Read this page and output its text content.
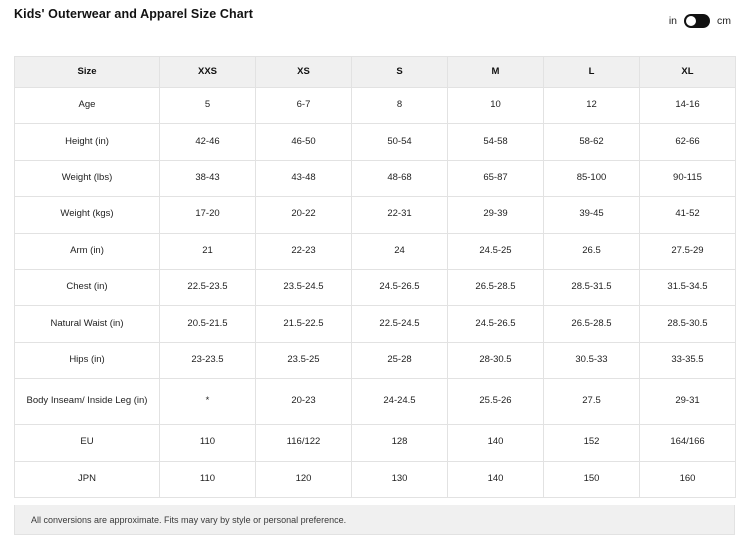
Kids' Outerwear and Apparel Size Chart	in	cm
Size	XXS	XS	S	M	L	XL
Age	5	6-7	8	10	12	14-16
Height (in)	42-46	46-50	50-54	54-58	58-62	62-66
Weight (lbs)	38-43	43-48	48-68	65-87	85-100	90-115
Weight (kgs)	17-20	20-22	22-31	29-39	39-45	41-52
Arm (in)	21	22-23	24	24.5-25	26.5	27.5-29
Chest (in)	22.5-23.5	23.5-24.5	24.5-26.5	26.5-28.5	28.5-31.5	31.5-34.5
Natural Waist (in)	20.5-21.5	21.5-22.5	22.5-24.5	24.5-26.5	26.5-28.5	28.5-30.5
Hips (in)	23-23.5	23.5-25	25-28	28-30.5	30.5-33	33-35.5
Body Inseam/ Inside Leg (in)	*	20-23	24-24.5	25.5-26	27.5	29-31
EU	110	116/122	128	140	152	164/166
JPN	110	120	130	140	150	160
All conversions are approximate. Fits may vary by style or personal preference.
